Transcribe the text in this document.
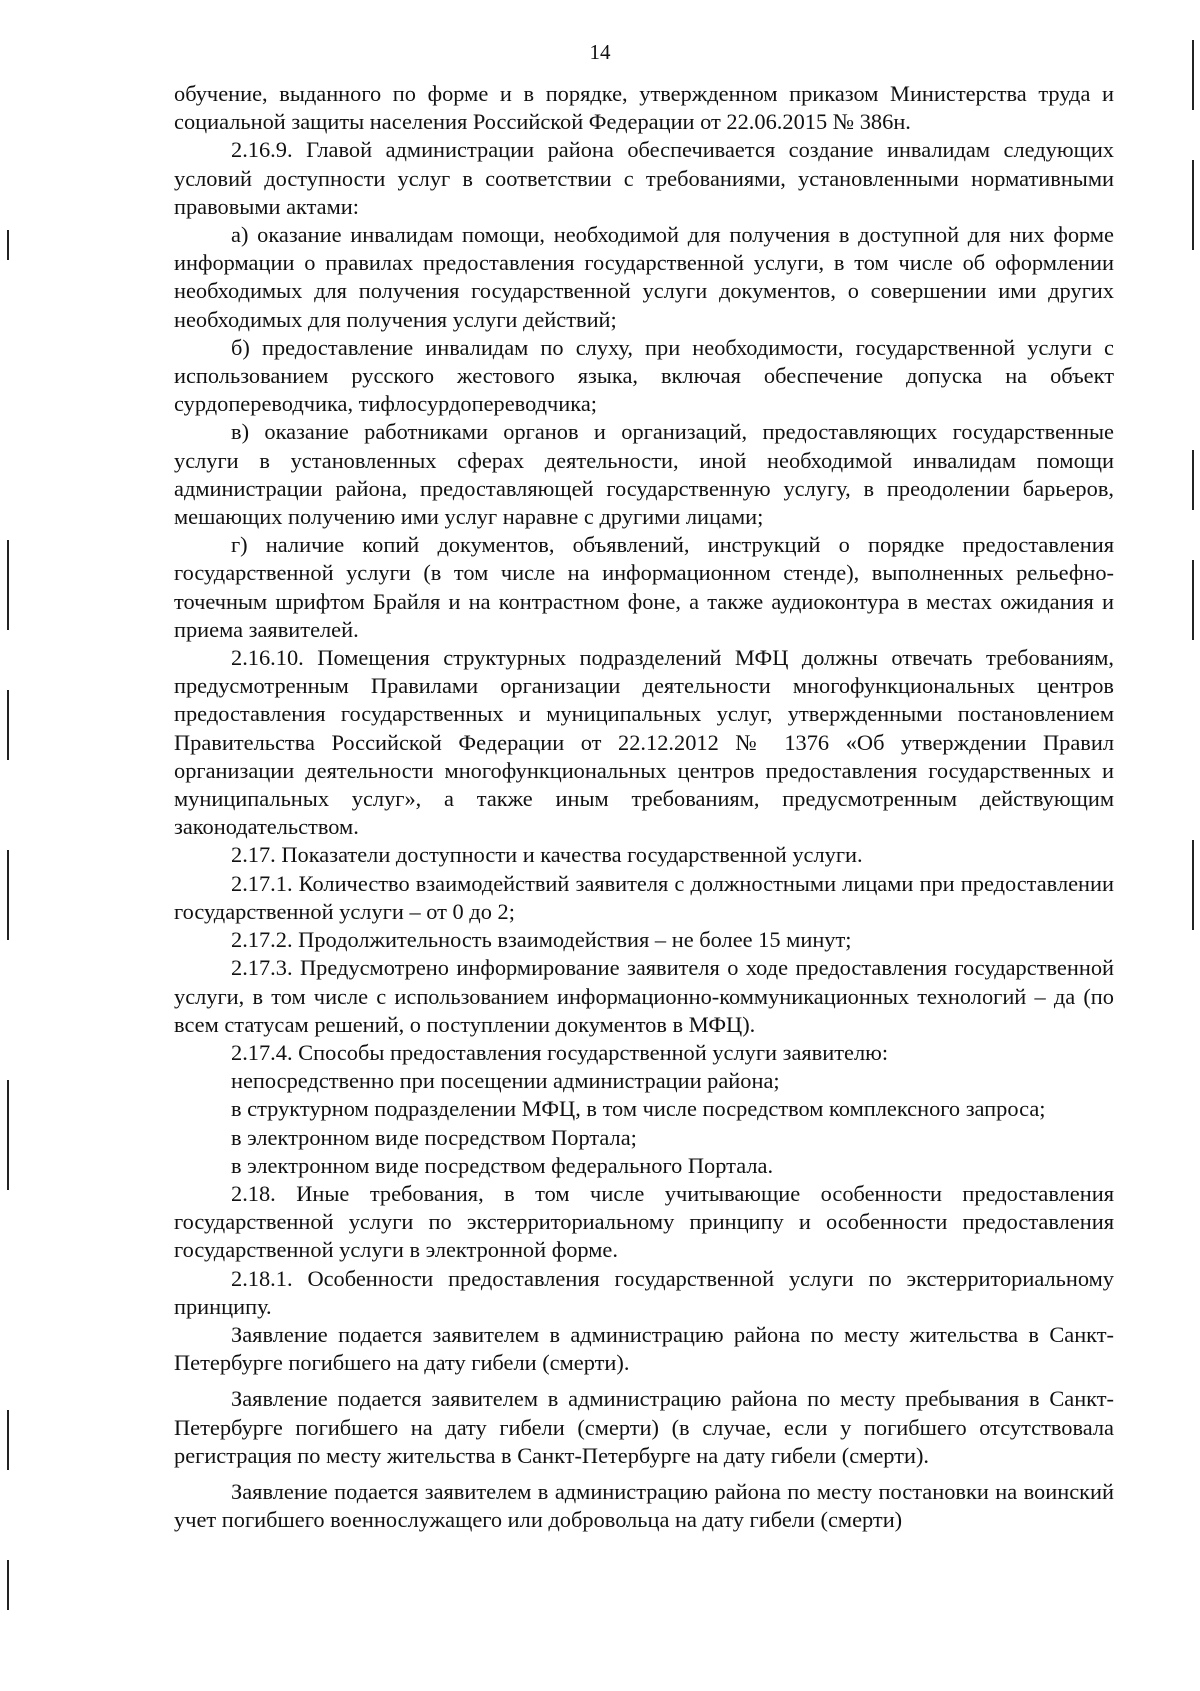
14

обучение, выданного по форме и в порядке, утвержденном приказом Министерства труда и социальной защиты населения Российской Федерации от 22.06.2015 № 386н.

2.16.9. Главой администрации района обеспечивается создание инвалидам следующих условий доступности услуг в соответствии с требованиями, установленными нормативными правовыми актами:

а) оказание инвалидам помощи, необходимой для получения в доступной для них форме информации о правилах предоставления государственной услуги, в том числе об оформлении необходимых для получения государственной услуги документов, о совершении ими других необходимых для получения услуги действий;

б) предоставление инвалидам по слуху, при необходимости, государственной услуги с использованием русского жестового языка, включая обеспечение допуска на объект сурдопереводчика, тифлосурдопереводчика;

в) оказание работниками органов и организаций, предоставляющих государственные услуги в установленных сферах деятельности, иной необходимой инвалидам помощи администрации района, предоставляющей государственную услугу, в преодолении барьеров, мешающих получению ими услуг наравне с другими лицами;

г) наличие копий документов, объявлений, инструкций о порядке предоставления государственной услуги (в том числе на информационном стенде), выполненных рельефно-точечным шрифтом Брайля и на контрастном фоне, а также аудиоконтура в местах ожидания и приема заявителей.

2.16.10. Помещения структурных подразделений МФЦ должны отвечать требованиям, предусмотренным Правилами организации деятельности многофункциональных центров предоставления государственных и муниципальных услуг, утвержденными постановлением Правительства Российской Федерации от 22.12.2012 № 1376 «Об утверждении Правил организации деятельности многофункциональных центров предоставления государственных и муниципальных услуг», а также иным требованиям, предусмотренным действующим законодательством.

2.17. Показатели доступности и качества государственной услуги.

2.17.1. Количество взаимодействий заявителя с должностными лицами при предоставлении государственной услуги – от 0 до 2;

2.17.2. Продолжительность взаимодействия – не более 15 минут;

2.17.3. Предусмотрено информирование заявителя о ходе предоставления государственной услуги, в том числе с использованием информационно-коммуникационных технологий – да (по всем статусам решений, о поступлении документов в МФЦ).

2.17.4. Способы предоставления государственной услуги заявителю:

непосредственно при посещении администрации района;

в структурном подразделении МФЦ, в том числе посредством комплексного запроса;

в электронном виде посредством Портала;

в электронном виде посредством федерального Портала.

2.18. Иные требования, в том числе учитывающие особенности предоставления государственной услуги по экстерриториальному принципу и особенности предоставления государственной услуги в электронной форме.

2.18.1. Особенности предоставления государственной услуги по экстерриториальному принципу.

Заявление подается заявителем в администрацию района по месту жительства в Санкт-Петербурге погибшего на дату гибели (смерти).

Заявление подается заявителем в администрацию района по месту пребывания в Санкт-Петербурге погибшего на дату гибели (смерти) (в случае, если у погибшего отсутствовала регистрация по месту жительства в Санкт-Петербурге на дату гибели (смерти).

Заявление подается заявителем в администрацию района по месту постановки на воинский учет погибшего военнослужащего или добровольца на дату гибели (смерти)
